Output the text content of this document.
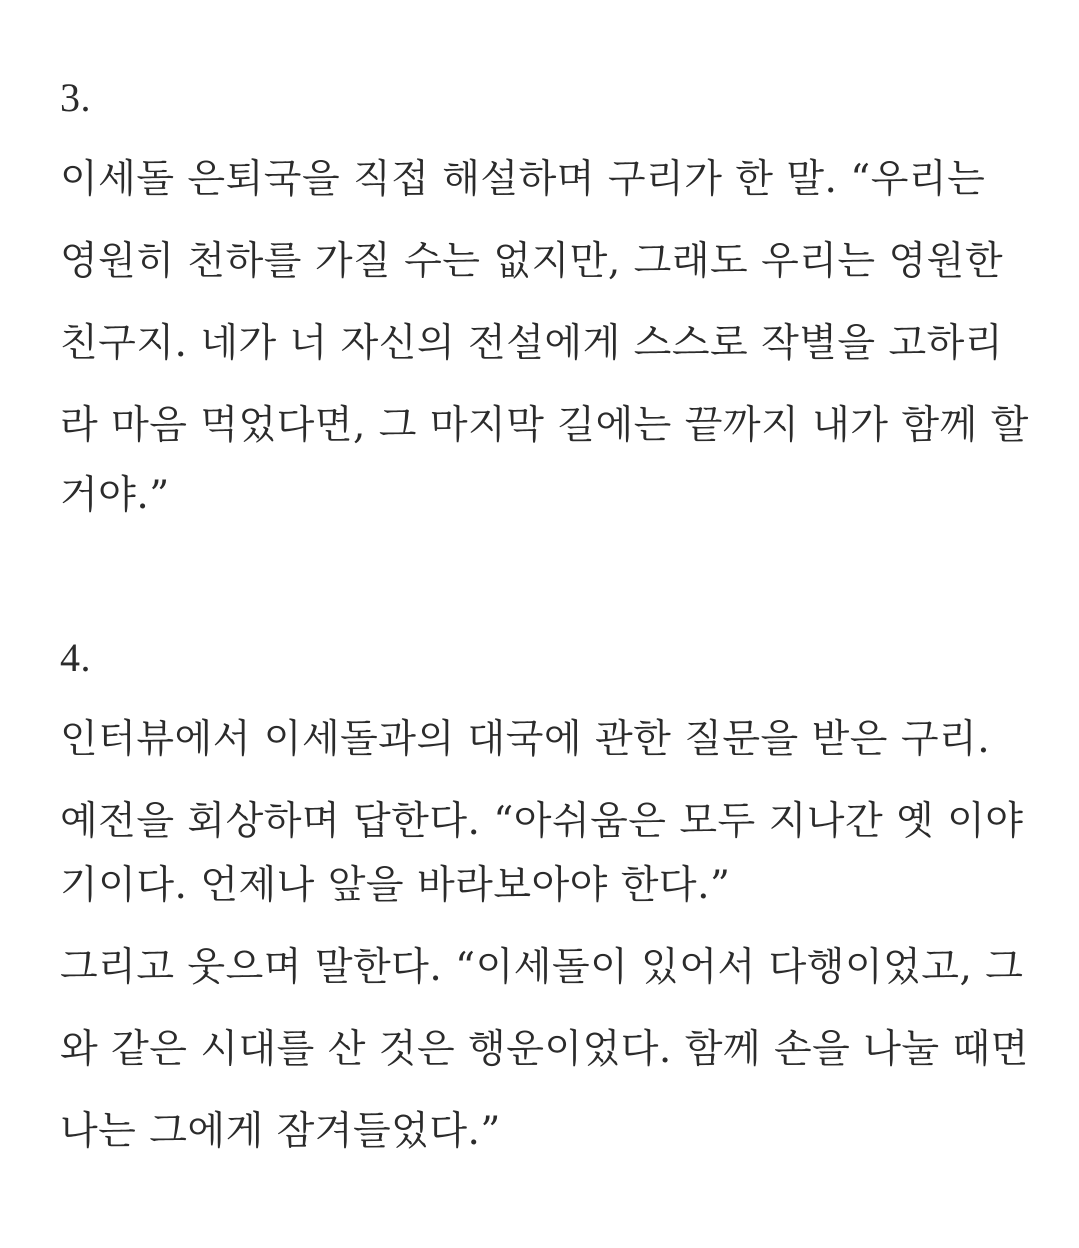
3.
이세돌 은퇴국을 직접 해설하며 구리가 한 말. “우리는
영원히 천하를 가질 수는 없지만, 그래도 우리는 영원한
친구지. 네가 너 자신의 전설에게 스스로 작별을 고하리
라 마음 먹었다면, 그 마지막 길에는 끝까지 내가 함께 할
거야.”
4.
인터뷰에서 이세돌과의 대국에 관한 질문을 받은 구리.
예전을 회상하며 답한다. “아쉬움은 모두 지나간 옛 이야
기이다. 언제나 앞을 바라보아야 한다.”
그리고 웃으며 말한다. “이세돌이 있어서 다행이었고, 그
와 같은 시대를 산 것은 행운이었다. 함께 손을 나눌 때면
나는 그에게 잠겨들었다.”
